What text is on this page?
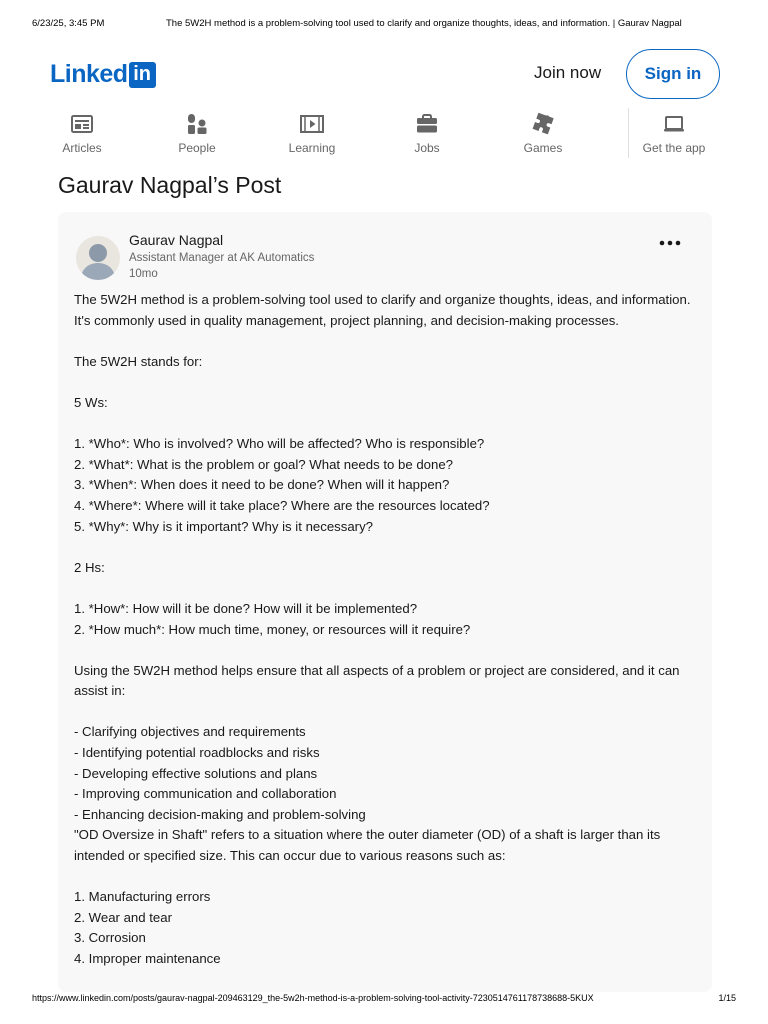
6/23/25, 3:45 PM	The 5W2H method is a problem-solving tool used to clarify and organize thoughts, ideas, and information. | Gaurav Nagpal
Linked in	Join now	Sign in
Articles	People	Learning	Jobs	Games	Get the app
Gaurav Nagpal’s Post
Gaurav Nagpal
Assistant Manager at AK Automatics
10mo
The 5W2H method is a problem-solving tool used to clarify and organize thoughts, ideas, and information.
It's commonly used in quality management, project planning, and decision-making processes.
The 5W2H stands for:
5 Ws:
1. *Who*: Who is involved? Who will be affected? Who is responsible?
2. *What*: What is the problem or goal? What needs to be done?
3. *When*: When does it need to be done? When will it happen?
4. *Where*: Where will it take place? Where are the resources located?
5. *Why*: Why is it important? Why is it necessary?
2 Hs:
1. *How*: How will it be done? How will it be implemented?
2. *How much*: How much time, money, or resources will it require?
Using the 5W2H method helps ensure that all aspects of a problem or project are considered, and it can
assist in:
- Clarifying objectives and requirements
- Identifying potential roadblocks and risks
- Developing effective solutions and plans
- Improving communication and collaboration
- Enhancing decision-making and problem-solving
"OD Oversize in Shaft" refers to a situation where the outer diameter (OD) of a shaft is larger than its
intended or specified size. This can occur due to various reasons such as:
1. Manufacturing errors
2. Wear and tear
3. Corrosion
4. Improper maintenance
https://www.linkedin.com/posts/gaurav-nagpal-209463129_the-5w2h-method-is-a-problem-solving-tool-activity-7230514761178738688-5KUX	1/15
